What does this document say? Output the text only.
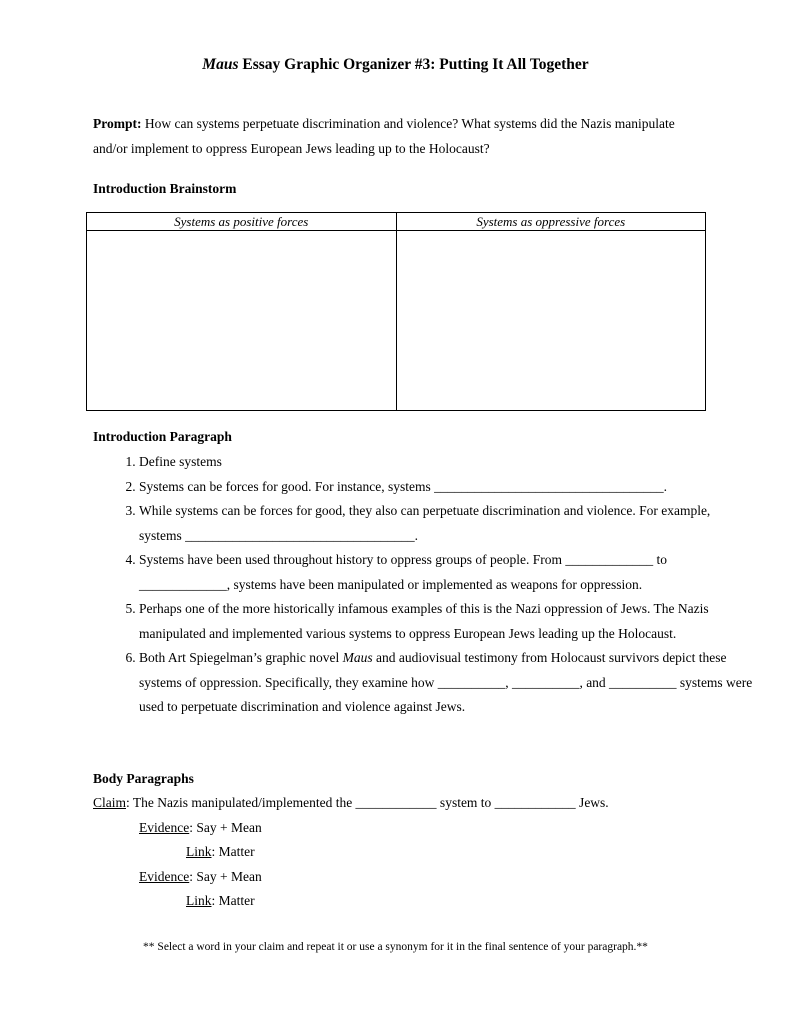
Maus Essay Graphic Organizer #3: Putting It All Together
Prompt: How can systems perpetuate discrimination and violence? What systems did the Nazis manipulate and/or implement to oppress European Jews leading up to the Holocaust?
Introduction Brainstorm
Systems as positive forces	Systems as oppressive forces

Introduction Paragraph
1. Define systems
2. Systems can be forces for good. For instance, systems __________________________________.
3. While systems can be forces for good, they also can perpetuate discrimination and violence. For example, systems __________________________________.
4. Systems have been used throughout history to oppress groups of people. From _____________ to _____________, systems have been manipulated or implemented as weapons for oppression.
5. Perhaps one of the more historically infamous examples of this is the Nazi oppression of Jews. The Nazis manipulated and implemented various systems to oppress European Jews leading up the Holocaust.
6. Both Art Spiegelman’s graphic novel Maus and audiovisual testimony from Holocaust survivors depict these systems of oppression. Specifically, they examine how __________, __________, and __________ systems were used to perpetuate discrimination and violence against Jews.
Body Paragraphs
Claim: The Nazis manipulated/implemented the ____________ system to ____________ Jews.
Evidence: Say + Mean
Link: Matter
Evidence: Say + Mean
Link: Matter
** Select a word in your claim and repeat it or use a synonym for it in the final sentence of your paragraph.**
